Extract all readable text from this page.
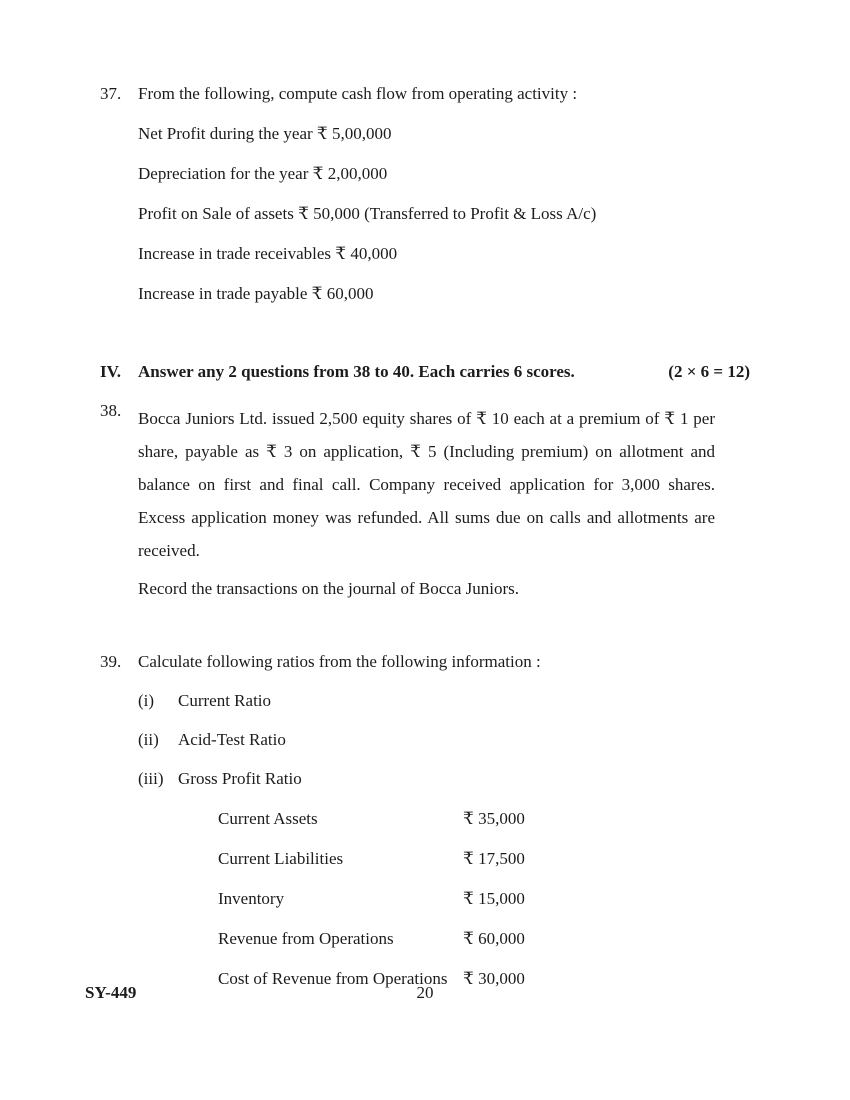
37. From the following, compute cash flow from operating activity :

Net Profit during the year ₹ 5,00,000

Depreciation for the year ₹ 2,00,000

Profit on Sale of assets ₹ 50,000 (Transferred to Profit & Loss A/c)

Increase in trade receivables ₹ 40,000

Increase in trade payable ₹ 60,000

IV.	Answer any 2 questions from 38 to 40. Each carries 6 scores.	(2 × 6 = 12)
38. Bocca Juniors Ltd. issued 2,500 equity shares of ₹ 10 each at a premium of ₹ 1 per share, payable as ₹ 3 on application, ₹ 5 (Including premium) on allotment and balance on first and final call. Company received application for 3,000 shares. Excess application money was refunded. All sums due on calls and allotments are received.

Record the transactions on the journal of Bocca Juniors.

39. Calculate following ratios from the following information :

(i)	Current Ratio
(ii)	Acid-Test Ratio
(iii) Gross Profit Ratio
Current Assets	₹ 35,000
Current Liabilities	₹ 17,500
Inventory	₹ 15,000
Revenue from Operations	₹ 60,000
Cost of Revenue from Operations ₹ 30,000
SY-449	20
